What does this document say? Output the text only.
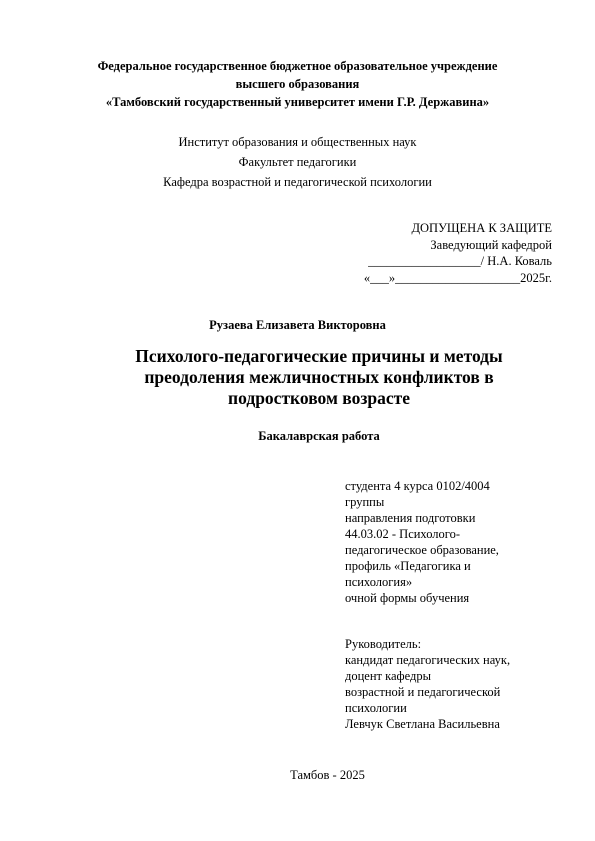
Федеральное государственное бюджетное образовательное учреждение
высшего образования
«Тамбовский государственный университет имени Г.Р. Державина»
Институт образования и общественных наук
Факультет педагогики
Кафедра возрастной и педагогической психологии
ДОПУЩЕНА К ЗАЩИТЕ
Заведующий кафедрой
__________________/ Н.А. Коваль
«___»____________________2025г.
Рузаева Елизавета Викторовна
Психолого-педагогические причины и методы
преодоления межличностных конфликтов в
подростковом возрасте
Бакалаврская работа
студента 4 курса 0102/4004
группы
направления подготовки
44.03.02 - Психолого-
педагогическое образование,
профиль «Педагогика и
психология»
очной формы обучения
Руководитель:
кандидат педагогических наук,
доцент кафедры
возрастной и педагогической
психологии
Левчук Светлана Васильевна
Тамбов - 2025
